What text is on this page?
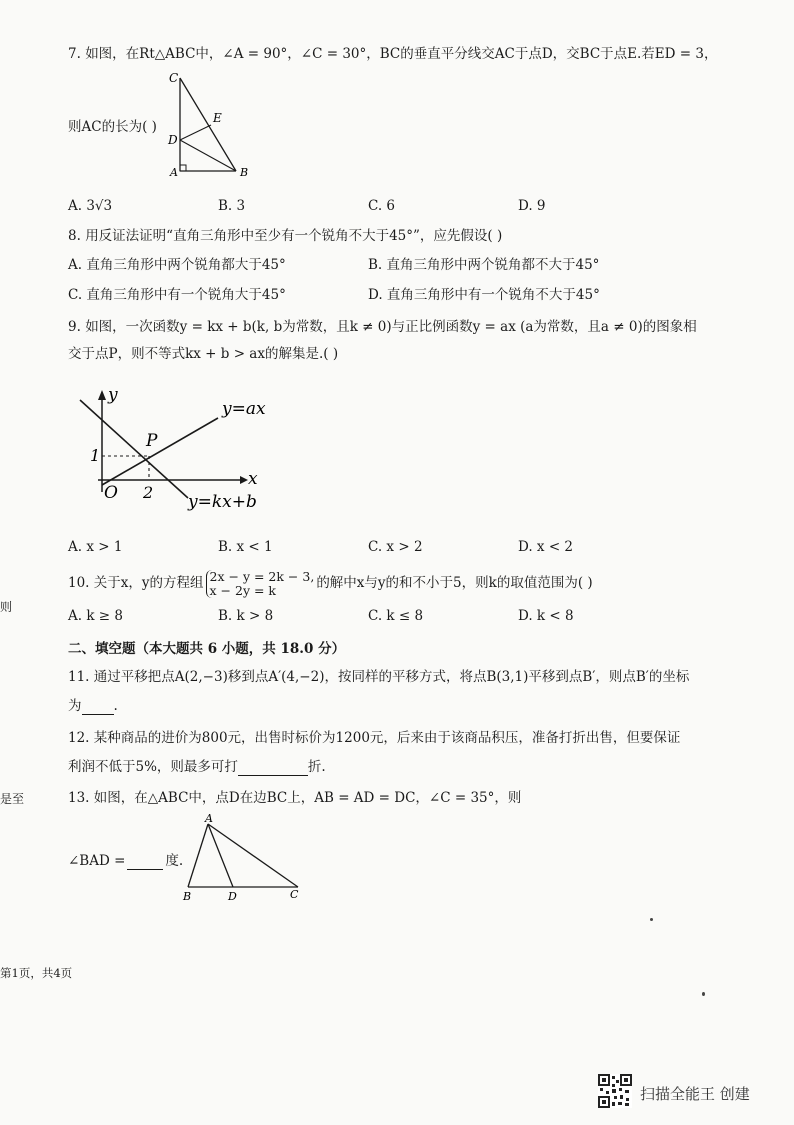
7. 如图，在Rt△ABC中，∠A = 90°，∠C = 30°，BC的垂直平分线交AC于点D，交BC于点E.若ED = 3，
C
E
D
A	B
则AC的长为( )
A. 3√3	B. 3	C. 6	D. 9
8. 用反证法证明“直角三角形中至少有一个锐角不大于45°”，应先假设( )
A. 直角三角形中两个锐角都大于45°	B. 直角三角形中两个锐角都不大于45°
C. 直角三角形中有一个锐角大于45°	D. 直角三角形中有一个锐角不大于45°
9. 如图，一次函数y = kx + b(k, b为常数，且k ≠ 0)与正比例函数y = ax (a为常数，且a ≠ 0)的图象相
交于点P，则不等式kx + b > ax的解集是.( )
y
x
O
1
2
P
y=ax
y=kx+b
A. x > 1	B. x < 1	C. x > 2	D. x < 2
10. 关于x，y的方程组 2x − y = 2k − 3,
x − 2y = k	的解中x与y的和不小于5，则k的取值范围为( )
A. k ≥ 8	B. k > 8	C. k ≤ 8	D. k < 8
二、填空题（本大题共 6 小题，共 18.0 分）
11. 通过平移把点A(2,−3)移到点A′(4,−2)，按同样的平移方式，将点B(3,1)平移到点B′，则点B′的坐标
为 .
12. 某种商品的进价为800元，出售时标价为1200元，后来由于该商品积压，准备打折出售，但要保证
利润不低于5%，则最多可打	折.
13. 如图，在△ABC中，点D在边BC上，AB = AD = DC，∠C = 35°，则
∠BAD =	度.
A
B	D	C
则
是至
第1页，共4页
扫描全能王 创建
